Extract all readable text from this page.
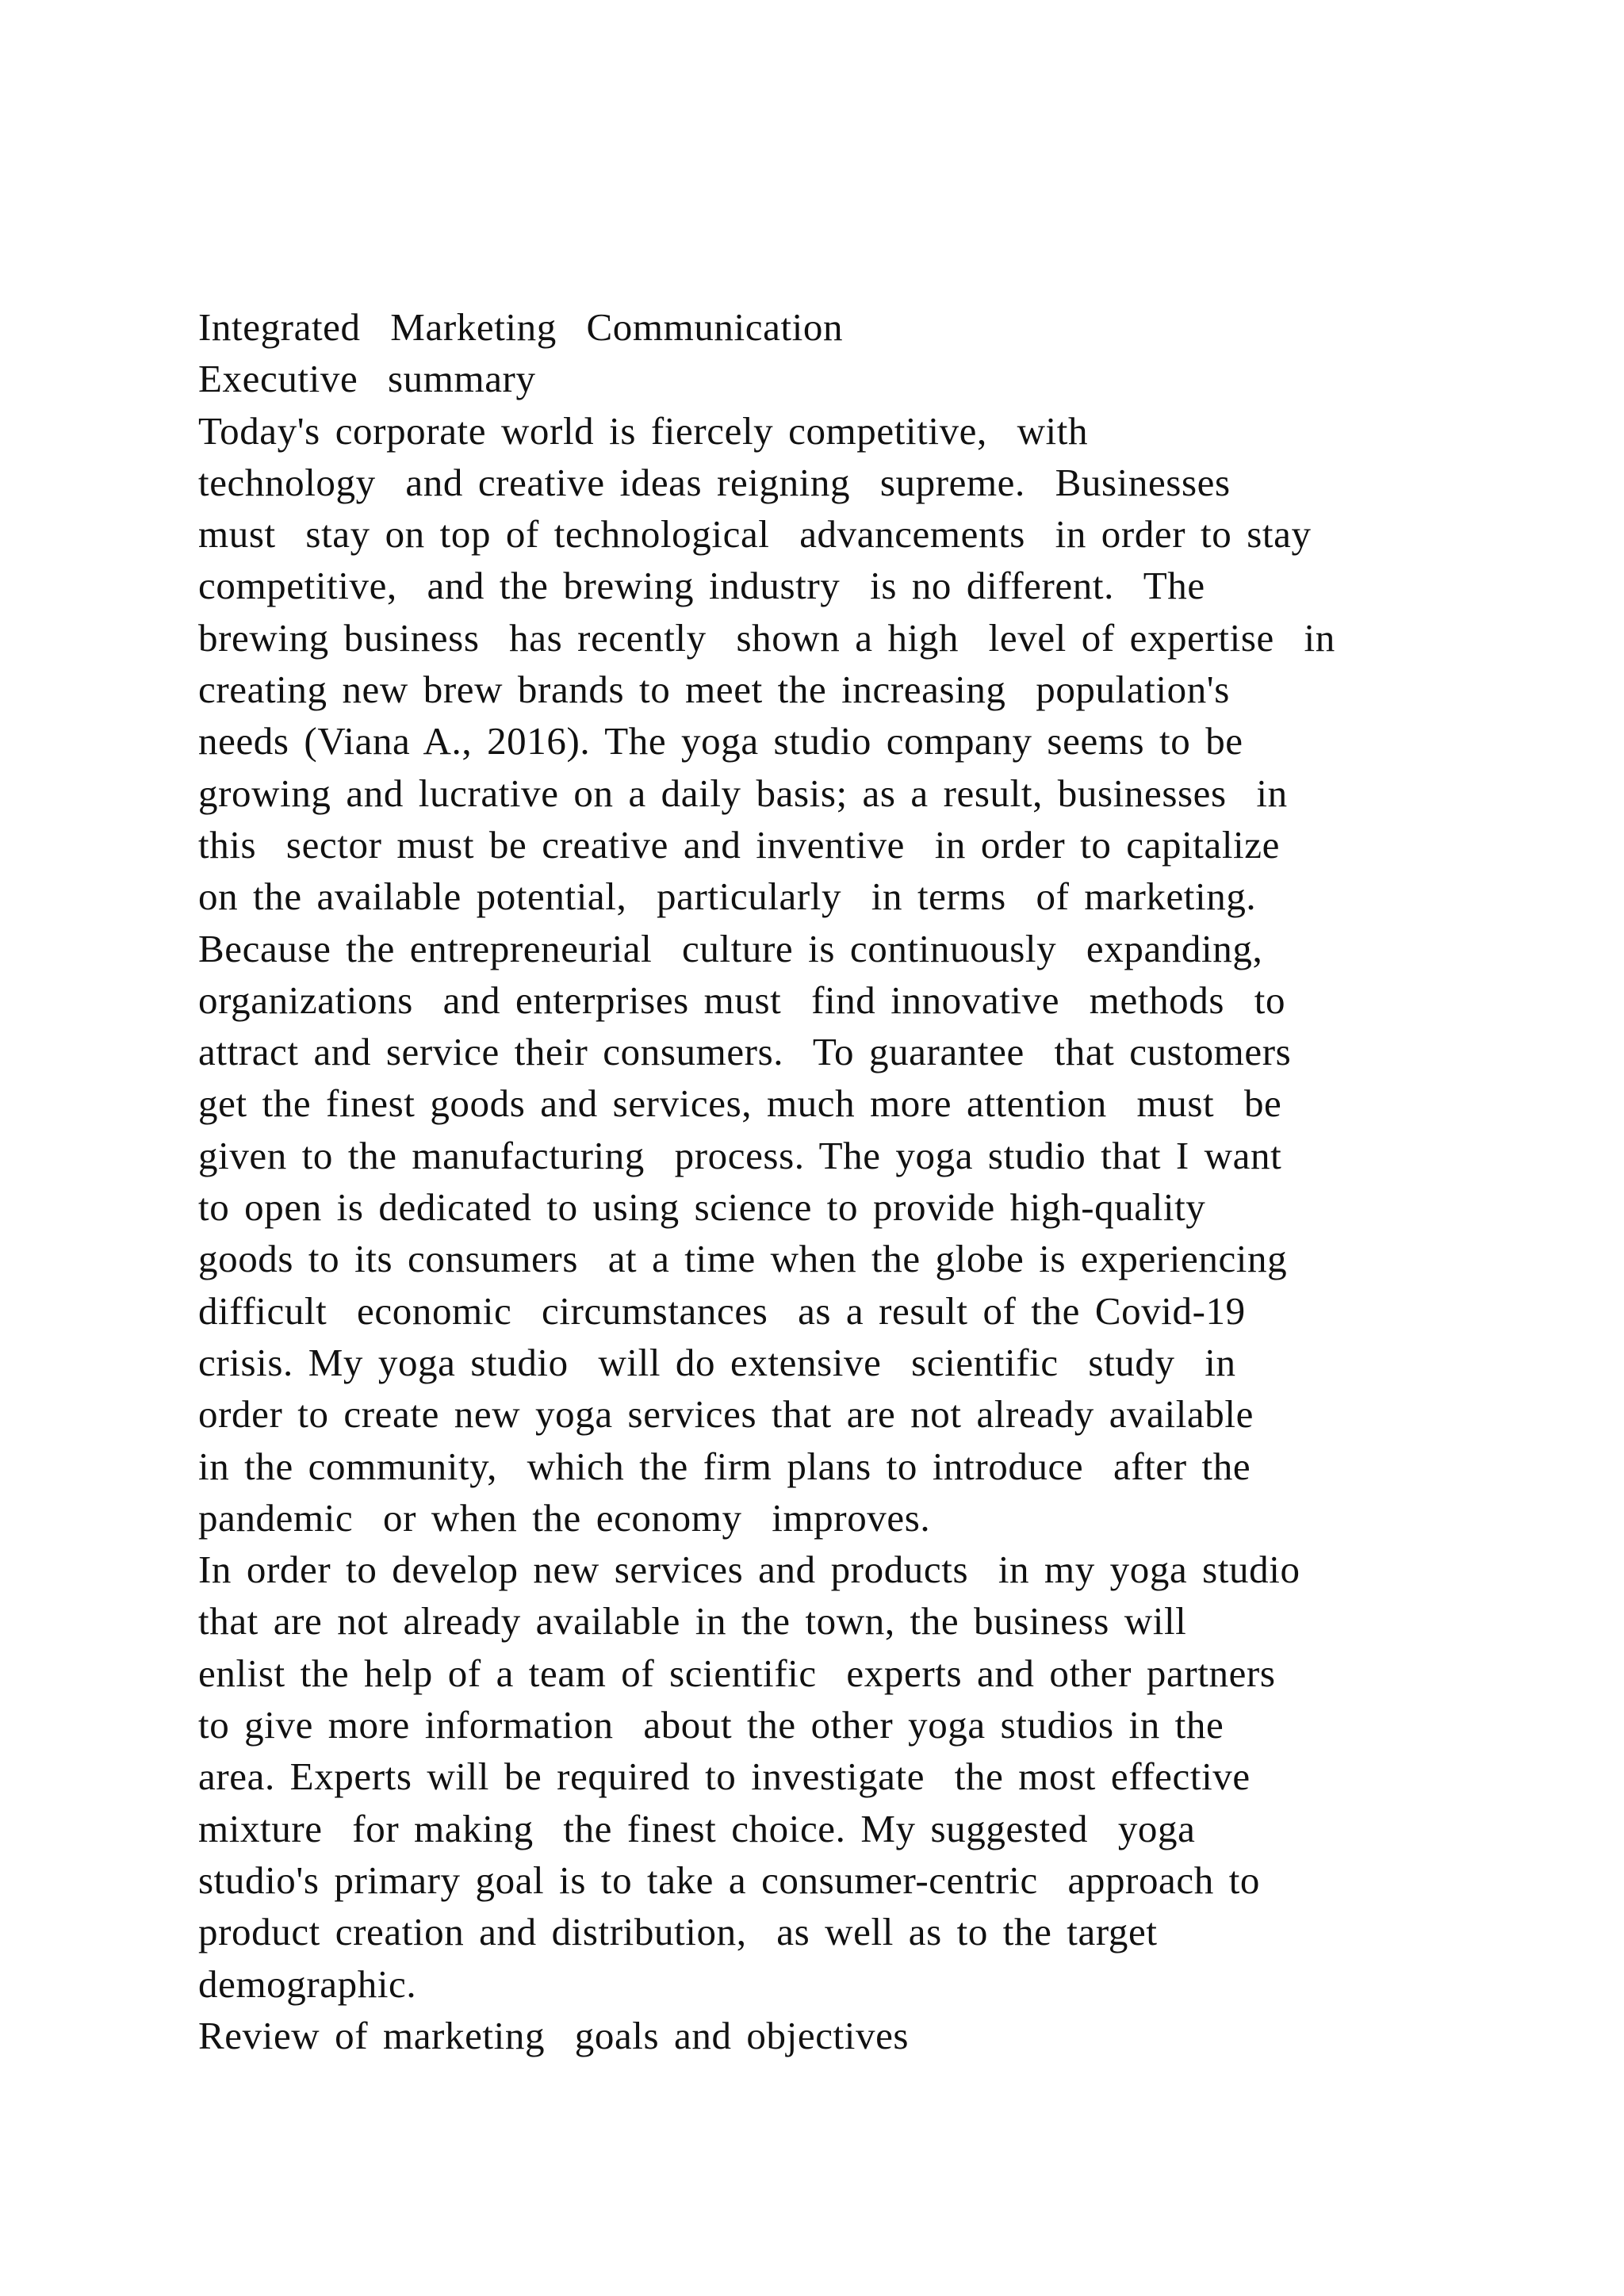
Integrated  Marketing  Communication
Executive  summary
Today's corporate world is fiercely competitive,  with
technology  and creative ideas reigning  supreme.  Businesses
must  stay on top of technological  advancements  in order to stay
competitive,  and the brewing industry  is no different.  The
brewing business  has recently  shown a high  level of expertise  in
creating new brew brands to meet the increasing  population's
needs (Viana A., 2016). The yoga studio company seems to be
growing and lucrative on a daily basis; as a result, businesses  in
this  sector must be creative and inventive  in order to capitalize
on the available potential,  particularly  in terms  of marketing.
Because the entrepreneurial  culture is continuously  expanding,
organizations  and enterprises must  find innovative  methods  to
attract and service their consumers.  To guarantee  that customers
get the finest goods and services, much more attention  must  be
given to the manufacturing  process. The yoga studio that I want
to open is dedicated to using science to provide high-quality
goods to its consumers  at a time when the globe is experiencing
difficult  economic  circumstances  as a result of the Covid-19
crisis. My yoga studio  will do extensive  scientific  study  in
order to create new yoga services that are not already available
in the community,  which the firm plans to introduce  after the
pandemic  or when the economy  improves.
In order to develop new services and products  in my yoga studio
that are not already available in the town, the business will
enlist the help of a team of scientific  experts and other partners
to give more information  about the other yoga studios in the
area. Experts will be required to investigate  the most effective
mixture  for making  the finest choice. My suggested  yoga
studio's primary goal is to take a consumer-centric  approach to
product creation and distribution,  as well as to the target
demographic.
Review of marketing  goals and objectives
